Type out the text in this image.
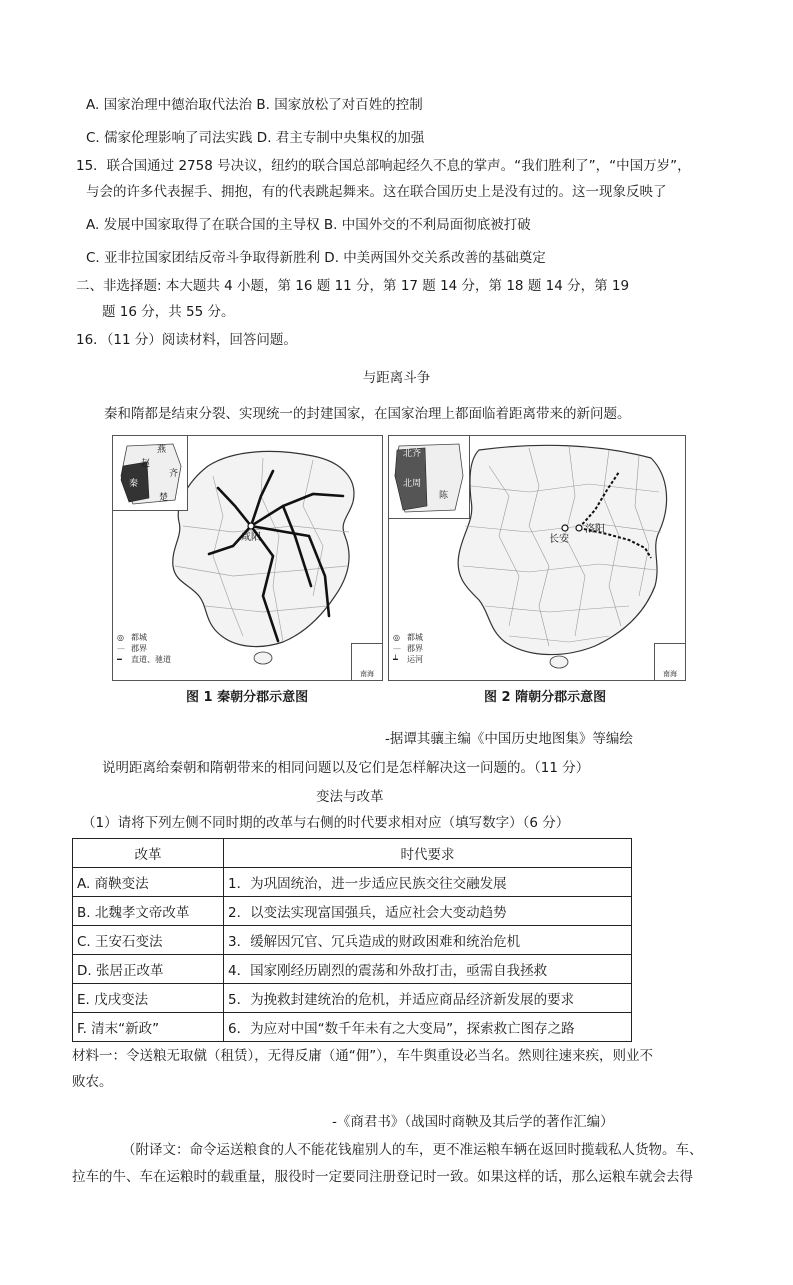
A. 国家治理中德治取代法治 B. 国家放松了对百姓的控制
C. 儒家伦理影响了司法实践 D. 君主专制中央集权的加强
15．联合国通过 2758 号决议，纽约的联合国总部响起经久不息的掌声。“我们胜利了”，“中国万岁”，
与会的许多代表握手、拥抱，有的代表跳起舞来。这在联合国历史上是没有过的。这一现象反映了
A. 发展中国家取得了在联合国的主导权 B. 中国外交的不利局面彻底被打破
C. 亚非拉国家团结反帝斗争取得新胜利 D. 中美两国外交关系改善的基础奠定
二、非选择题: 本大题共 4 小题，第 16 题 11 分，第 17 题 14 分，第 18 题 14 分，第 19
题 16 分，共 55 分。
16．（11 分）阅读材料，回答问题。
与距离斗争
秦和隋都是结束分裂、实现统一的封建国家，在国家治理上都面临着距离带来的新问题。
咸阳
燕
赵
齐
秦
楚
◎ 都城
— 郡界
━ 直道、驰道
南海
长安
洛阳
北齐
北周
陈
◎ 都城
— 郡界
┷ 运河
南海
图 1 秦朝分郡示意图	图 2 隋朝分郡示意图
-据谭其骧主编《中国历史地图集》等编绘
说明距离给秦朝和隋朝带来的相同问题以及它们是怎样解决这一问题的。（11 分）
变法与改革
（1）请将下列左侧不同时期的改革与右侧的时代要求相对应（填写数字）（6 分）
改革	时代要求
A. 商鞅变法	1．为巩固统治，进一步适应民族交往交融发展
B. 北魏孝文帝改革	2．以变法实现富国强兵，适应社会大变动趋势
C. 王安石变法	3．缓解因冗官、冗兵造成的财政困难和统治危机
D. 张居正改革	4．国家刚经历剧烈的震荡和外敌打击，亟需自我拯救
E. 戊戌变法	5．为挽救封建统治的危机，并适应商品经济新发展的要求
F. 清末“新政”	6．为应对中国“数千年未有之大变局”，探索救亡图存之路
材料一：令送粮无取僦（租赁），无得反庸（通“佣”），车牛舆重设必当名。然则往速来疾，则业不
败农。
-《商君书》（战国时商鞅及其后学的著作汇编）
（附译文：命令运送粮食的人不能花钱雇别人的车，更不准运粮车辆在返回时揽载私人货物。车、
拉车的牛、车在运粮时的载重量，服役时一定要同注册登记时一致。如果这样的话，那么运粮车就会去得
